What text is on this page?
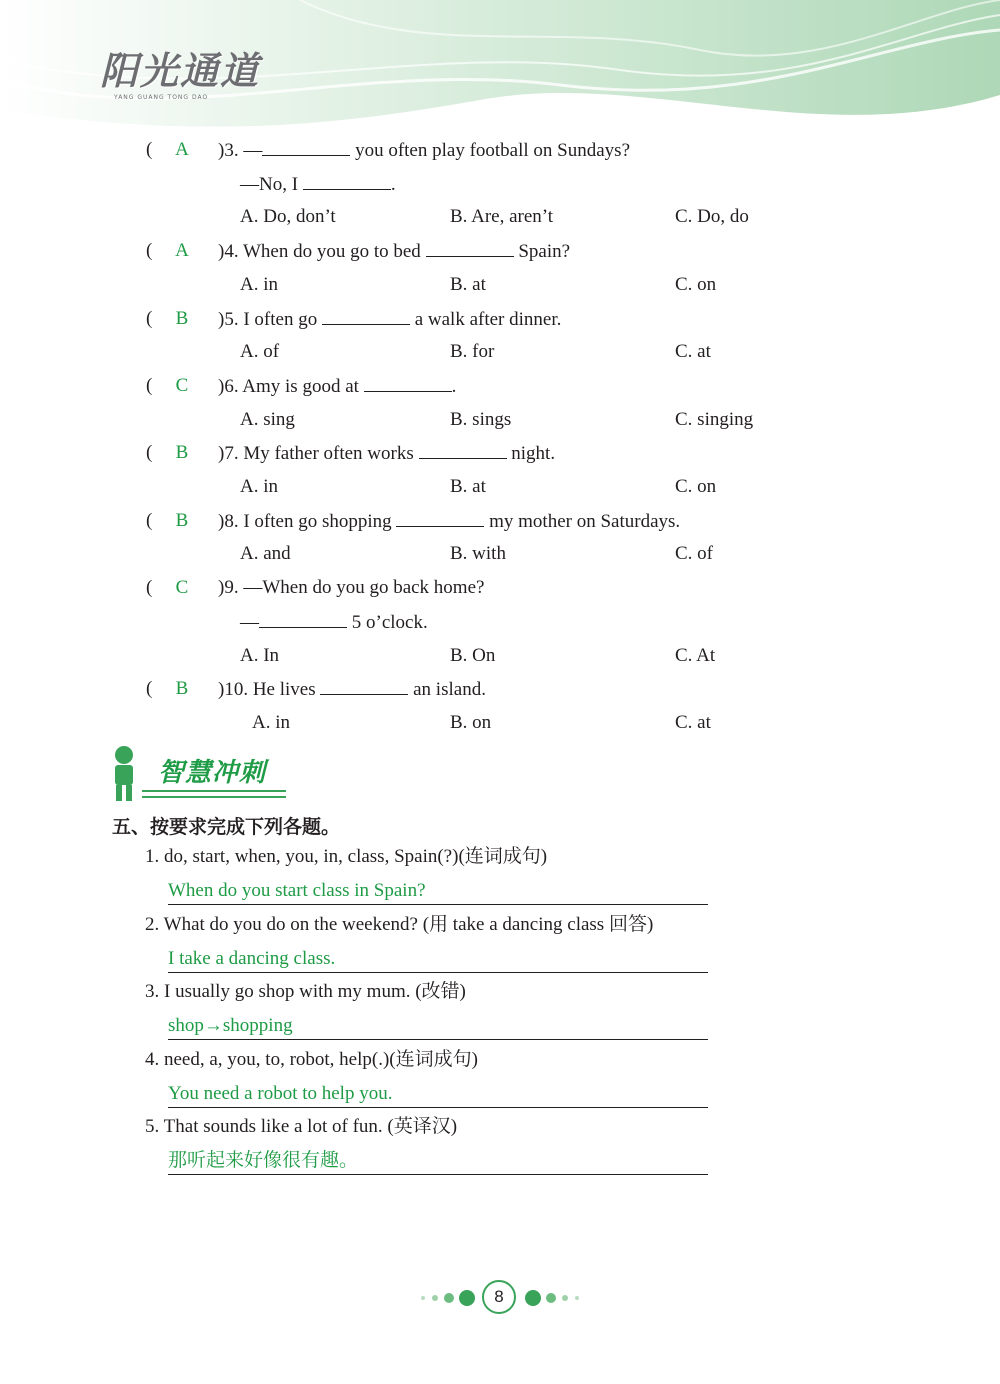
阳光通道
YANG GUANG TONG DAO
( A )3. —	you often play football on Sundays?
—No, I	.
A. Do, don’t	B. Are, aren’t	C. Do, do
( A )4. When do you go to bed	Spain?
A. in	B. at	C. on
( B )5. I often go	a walk after dinner.
A. of	B. for	C. at
( C )6. Amy is good at	.
A. sing	B. sings	C. singing
( B )7. My father often works	night.
A. in	B. at	C. on
( B )8. I often go shopping	my mother on Saturdays.
A. and	B. with	C. of
( C )9. —When do you go back home?
—	5 o’clock.
A. In	B. On	C. At
( B )10. He lives	an island.
A. in	B. on	C. at
智慧冲刺
五、按要求完成下列各题。
1. do, start, when, you, in, class, Spain(?)(连词成句)
When do you start class in Spain?
2. What do you do on the weekend? (用 take a dancing class 回答)
I take a dancing class.
3. I usually go shop with my mum. (改错)
shop→shopping
4. need, a, you, to, robot, help(.)(连词成句)
You need a robot to help you.
5. That sounds like a lot of fun. (英译汉)
那听起来好像很有趣。
8
